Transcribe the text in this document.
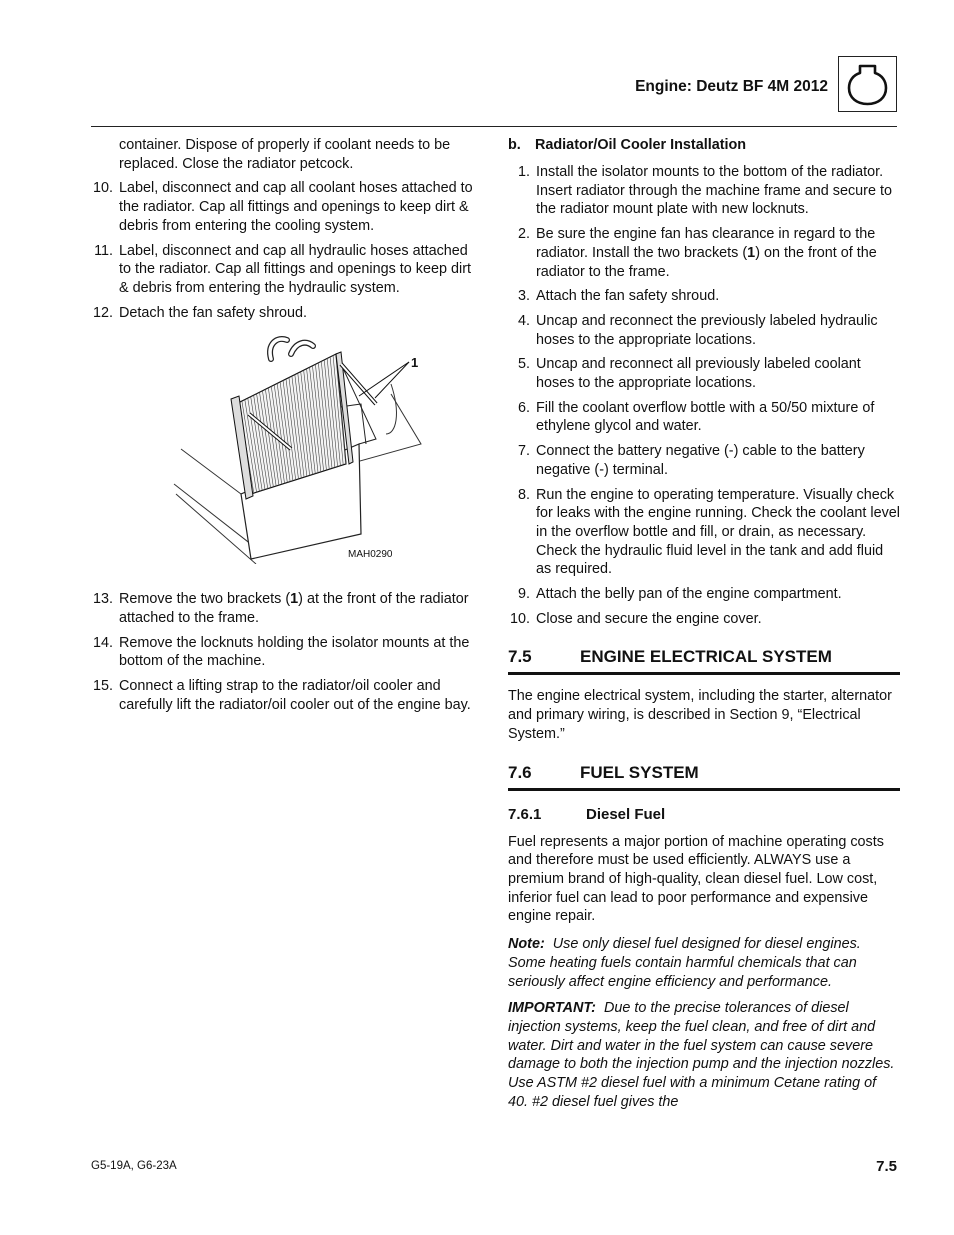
Engine: Deutz BF 4M 2012
container. Dispose of properly if coolant needs to be replaced. Close the radiator petcock.
10. Label, disconnect and cap all coolant hoses attached to the radiator. Cap all fittings and openings to keep dirt & debris from entering the cooling system.
11. Label, disconnect and cap all hydraulic hoses attached to the radiator. Cap all fittings and openings to keep dirt & debris from entering the hydraulic system.
12. Detach the fan safety shroud.
1
MAH0290
13. Remove the two brackets (1) at the front of the radiator attached to the frame.
14. Remove the locknuts holding the isolator mounts at the bottom of the machine.
15. Connect a lifting strap to the radiator/oil cooler and carefully lift the radiator/oil cooler out of the engine bay.
b. Radiator/Oil Cooler Installation
1. Install the isolator mounts to the bottom of the radiator. Insert radiator through the machine frame and secure to the radiator mount plate with new locknuts.
2. Be sure the engine fan has clearance in regard to the radiator. Install the two brackets (1) on the front of the radiator to the frame.
3. Attach the fan safety shroud.
4. Uncap and reconnect the previously labeled hydraulic hoses to the appropriate locations.
5. Uncap and reconnect all previously labeled coolant hoses to the appropriate locations.
6. Fill the coolant overflow bottle with a 50/50 mixture of ethylene glycol and water.
7. Connect the battery negative (-) cable to the battery negative (-) terminal.
8. Run the engine to operating temperature. Visually check for leaks with the engine running. Check the coolant level in the overflow bottle and fill, or drain, as necessary. Check the hydraulic fluid level in the tank and add fluid as required.
9. Attach the belly pan of the engine compartment.
10. Close and secure the engine cover.
7.5	ENGINE ELECTRICAL SYSTEM

The engine electrical system, including the starter, alternator and primary wiring, is described in Section 9, “Electrical System.”

7.6	FUEL SYSTEM
7.6.1	Diesel Fuel

Fuel represents a major portion of machine operating costs and therefore must be used efficiently. ALWAYS use a premium brand of high-quality, clean diesel fuel. Low cost, inferior fuel can lead to poor performance and expensive engine repair.

Note: Use only diesel fuel designed for diesel engines. Some heating fuels contain harmful chemicals that can seriously affect engine efficiency and performance.

IMPORTANT: Due to the precise tolerances of diesel injection systems, keep the fuel clean, and free of dirt and water. Dirt and water in the fuel system can cause severe damage to both the injection pump and the injection nozzles. Use ASTM #2 diesel fuel with a minimum Cetane rating of 40. #2 diesel fuel gives the

G5-19A, G6-23A	7.5
